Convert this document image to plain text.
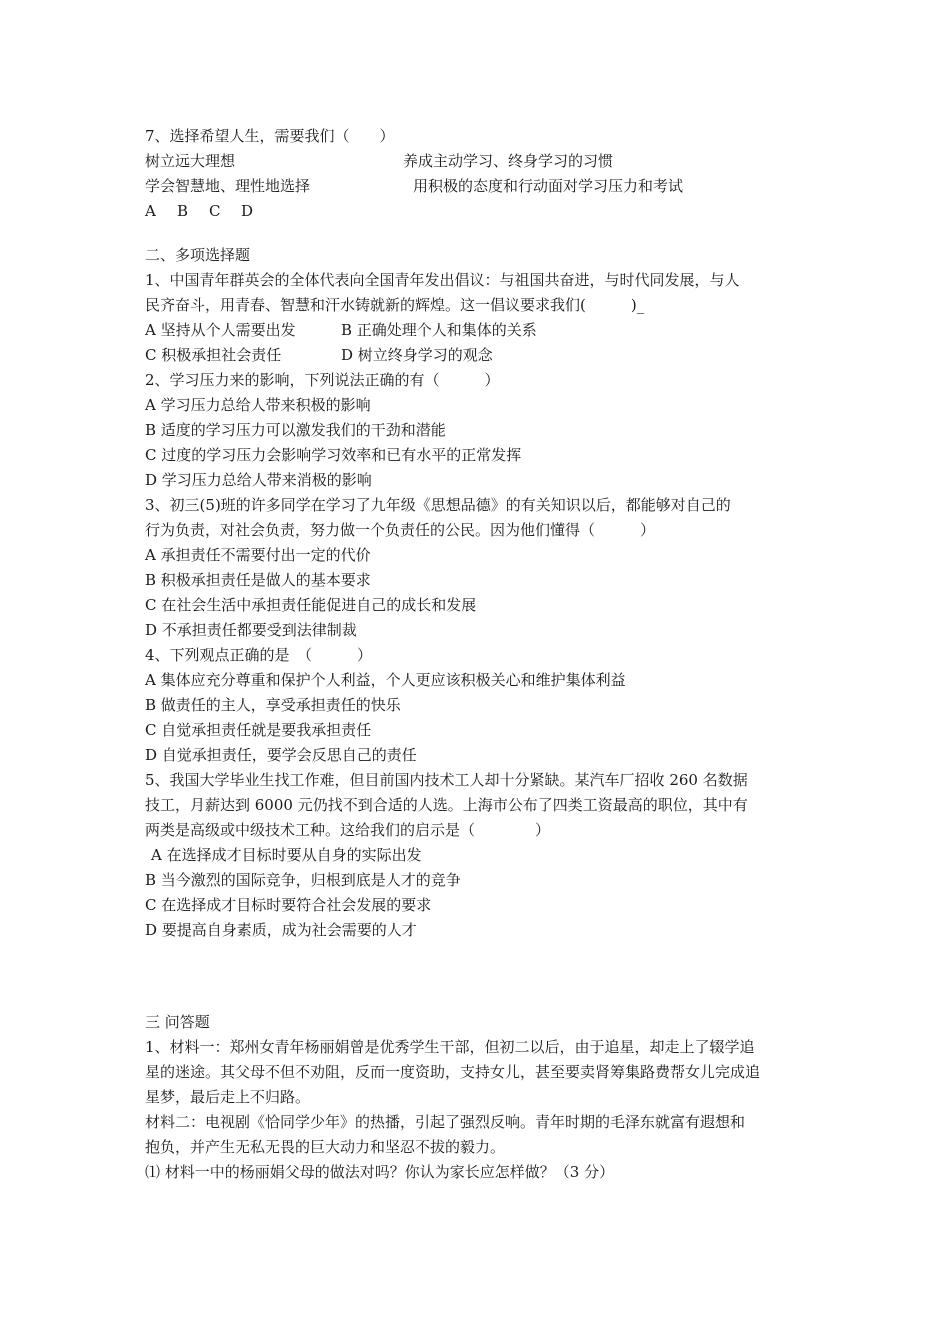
7、选择希望人生，需要我们（　　）
树立远大理想	养成主动学习、终身学习的习惯
学会智慧地、理性地选择	用积极的态度和行动面对学习压力和考试
A B C D
二、多项选择题
1、中国青年群英会的全体代表向全国青年发出倡议：与祖国共奋进，与时代同发展，与人
民齐奋斗，用青春、智慧和汗水铸就新的辉煌。这一倡议要求我们(　　　)_
A 坚持从个人需要出发	B 正确处理个人和集体的关系
C 积极承担社会责任	D 树立终身学习的观念
2、学习压力来的影响，下列说法正确的有（　　　）
A 学习压力总给人带来积极的影响
B 适度的学习压力可以激发我们的干劲和潜能
C 过度的学习压力会影响学习效率和已有水平的正常发挥
D 学习压力总给人带来消极的影响
3、初三(5)班的许多同学在学习了九年级《思想品德》的有关知识以后，都能够对自己的
行为负责，对社会负责，努力做一个负责任的公民。因为他们懂得（　　　）
A 承担责任不需要付出一定的代价
B 积极承担责任是做人的基本要求
C 在社会生活中承担责任能促进自己的成长和发展
D 不承担责任都要受到法律制裁
4、下列观点正确的是　（　　　）
A 集体应充分尊重和保护个人利益，个人更应该积极关心和维护集体利益
B 做责任的主人，享受承担责任的快乐
C 自觉承担责任就是要我承担责任
D 自觉承担责任，要学会反思自己的责任
5、我国大学毕业生找工作难，但目前国内技术工人却十分紧缺。某汽车厂招收 260 名数据
技工，月薪达到 6000 元仍找不到合适的人选。上海市公布了四类工资最高的职位，其中有
两类是高级或中级技术工种。这给我们的启示是（　　　　）
A 在选择成才目标时要从自身的实际出发
B 当今激烈的国际竞争，归根到底是人才的竞争
C 在选择成才目标时要符合社会发展的要求
D 要提高自身素质，成为社会需要的人才
三 问答题
1、材料一：郑州女青年杨丽娟曾是优秀学生干部，但初二以后，由于追星，却走上了辍学追
星的迷途。其父母不但不劝阻，反而一度资助，支持女儿，甚至要卖肾筹集路费帮女儿完成追
星梦，最后走上不归路。
材料二：电视剧《恰同学少年》的热播，引起了强烈反响。青年时期的毛泽东就富有遐想和
抱负，并产生无私无畏的巨大动力和坚忍不拔的毅力。
⑴ 材料一中的杨丽娟父母的做法对吗？你认为家长应怎样做？（3 分）
